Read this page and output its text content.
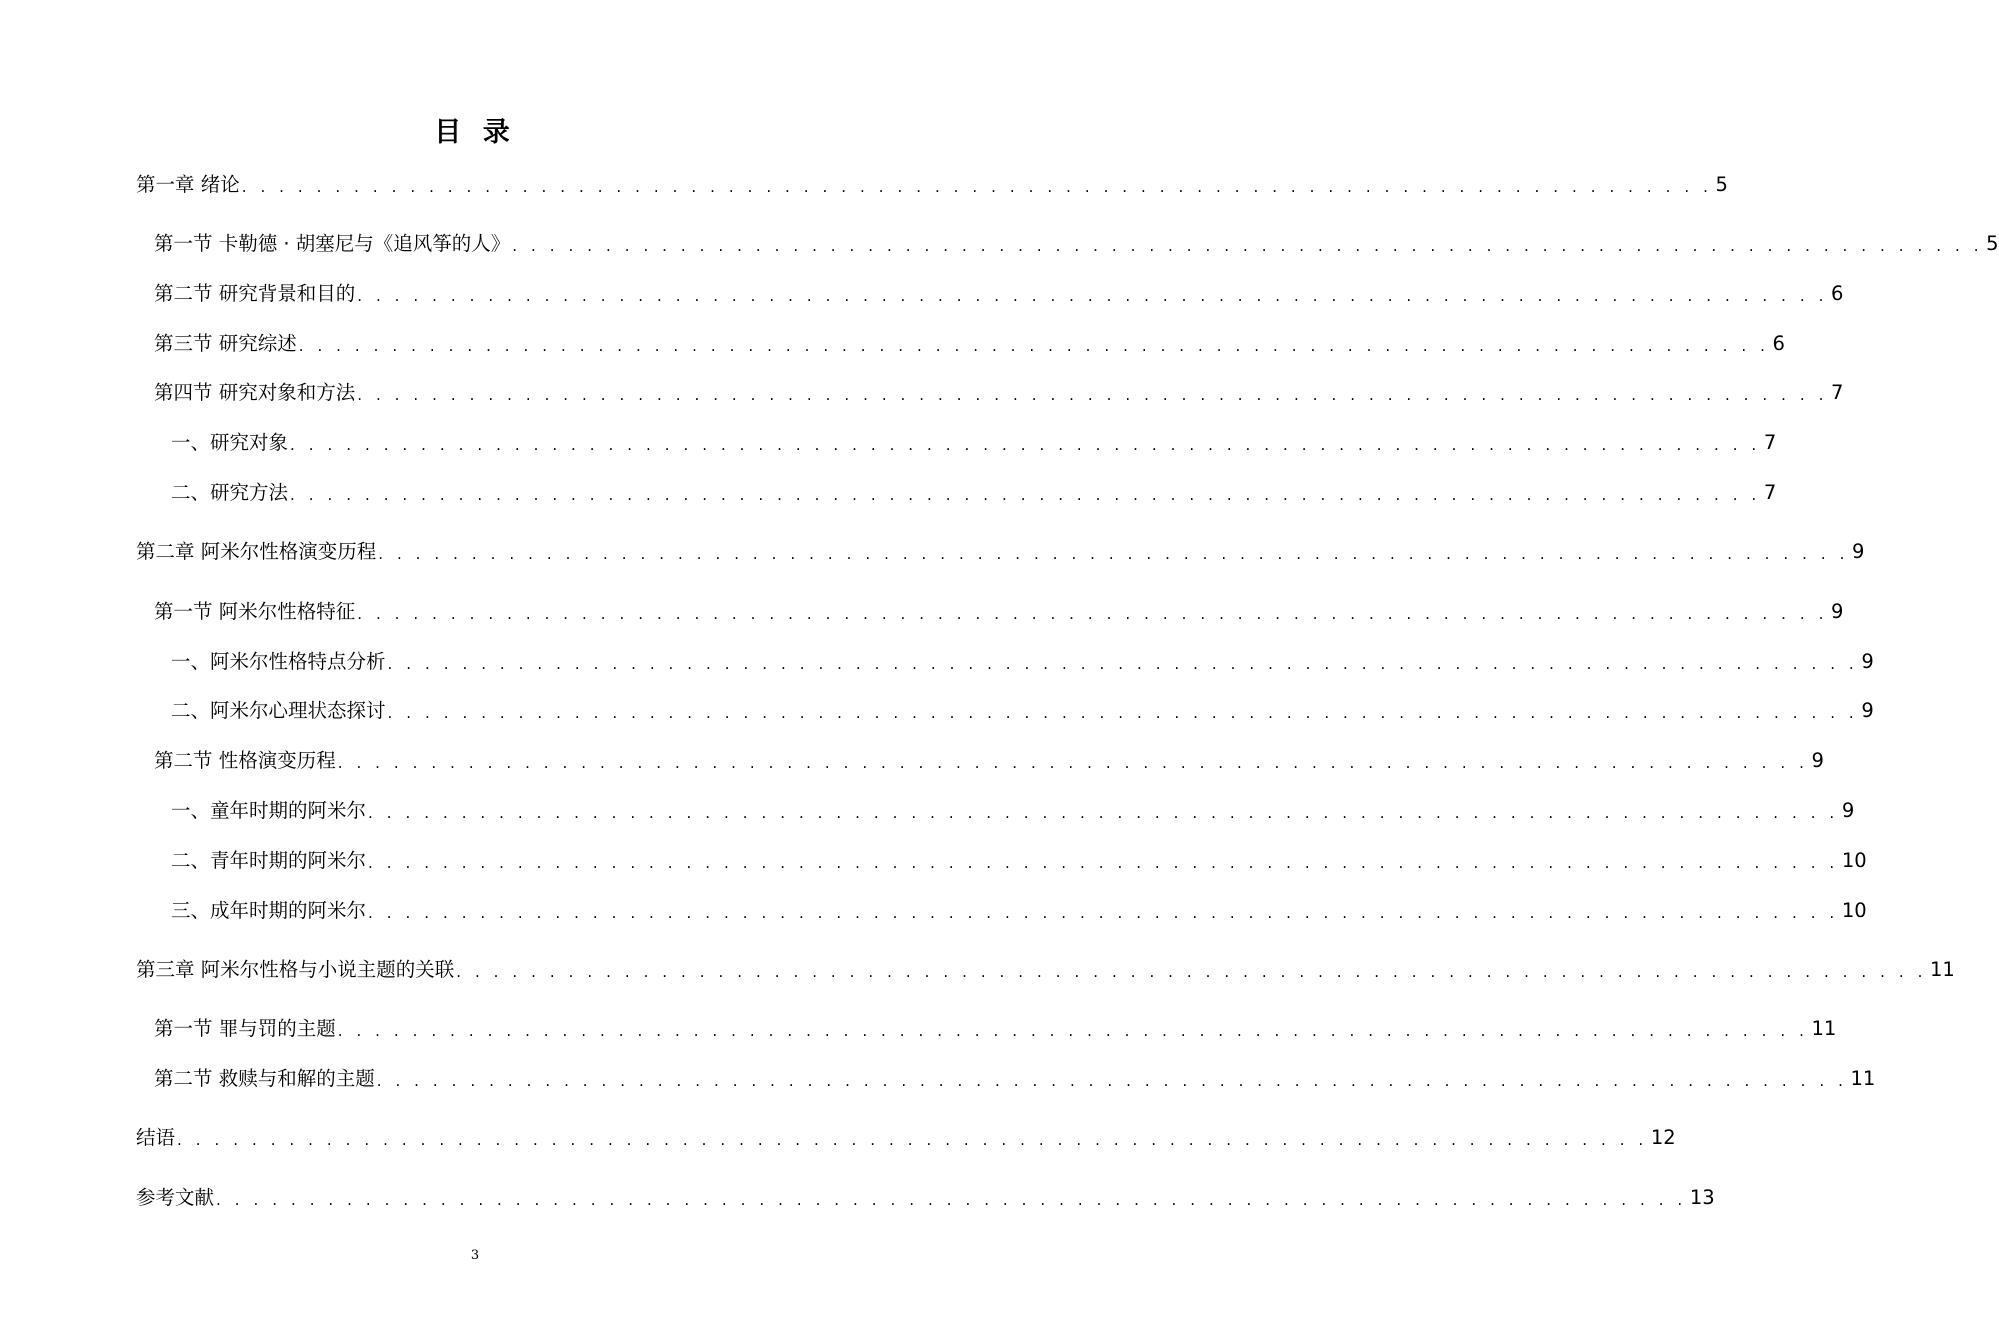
目 录
第一章 绪论 . . . . . . . . . . . . . . . . . . . . . . . . . . . . . . . . . . . . . . . . . . . . . . . . . . . . . . . . . . . . . . . . . . . . . . . . . . . . . . . 5
第一节 卡勒德 · 胡塞尼与《追风筝的人》 . . . . . . . . . . . . . . . . . . . . . . . . . . . . . . . . . . . . . . . . . . . . . . . . . . . . . . . . . . . . . . . . . . . . . . . . . . . . . . . 5
第二节 研究背景和目的 . . . . . . . . . . . . . . . . . . . . . . . . . . . . . . . . . . . . . . . . . . . . . . . . . . . . . . . . . . . . . . . . . . . . . . . . . . . . . . . 6
第三节 研究综述 . . . . . . . . . . . . . . . . . . . . . . . . . . . . . . . . . . . . . . . . . . . . . . . . . . . . . . . . . . . . . . . . . . . . . . . . . . . . . . . 6
第四节 研究对象和方法 . . . . . . . . . . . . . . . . . . . . . . . . . . . . . . . . . . . . . . . . . . . . . . . . . . . . . . . . . . . . . . . . . . . . . . . . . . . . . . . 7
一、研究对象 . . . . . . . . . . . . . . . . . . . . . . . . . . . . . . . . . . . . . . . . . . . . . . . . . . . . . . . . . . . . . . . . . . . . . . . . . . . . . . . 7
二、研究方法 . . . . . . . . . . . . . . . . . . . . . . . . . . . . . . . . . . . . . . . . . . . . . . . . . . . . . . . . . . . . . . . . . . . . . . . . . . . . . . . 7
第二章 阿米尔性格演变历程 . . . . . . . . . . . . . . . . . . . . . . . . . . . . . . . . . . . . . . . . . . . . . . . . . . . . . . . . . . . . . . . . . . . . . . . . . . . . . . . 9
第一节 阿米尔性格特征 . . . . . . . . . . . . . . . . . . . . . . . . . . . . . . . . . . . . . . . . . . . . . . . . . . . . . . . . . . . . . . . . . . . . . . . . . . . . . . . 9
一、阿米尔性格特点分析 . . . . . . . . . . . . . . . . . . . . . . . . . . . . . . . . . . . . . . . . . . . . . . . . . . . . . . . . . . . . . . . . . . . . . . . . . . . . . . . 9
二、阿米尔心理状态探讨 . . . . . . . . . . . . . . . . . . . . . . . . . . . . . . . . . . . . . . . . . . . . . . . . . . . . . . . . . . . . . . . . . . . . . . . . . . . . . . . 9
第二节 性格演变历程 . . . . . . . . . . . . . . . . . . . . . . . . . . . . . . . . . . . . . . . . . . . . . . . . . . . . . . . . . . . . . . . . . . . . . . . . . . . . . . . 9
一、童年时期的阿米尔 . . . . . . . . . . . . . . . . . . . . . . . . . . . . . . . . . . . . . . . . . . . . . . . . . . . . . . . . . . . . . . . . . . . . . . . . . . . . . . . 9
二、青年时期的阿米尔 . . . . . . . . . . . . . . . . . . . . . . . . . . . . . . . . . . . . . . . . . . . . . . . . . . . . . . . . . . . . . . . . . . . . . . . . . . . . . . . 10
三、成年时期的阿米尔 . . . . . . . . . . . . . . . . . . . . . . . . . . . . . . . . . . . . . . . . . . . . . . . . . . . . . . . . . . . . . . . . . . . . . . . . . . . . . . . 10
第三章 阿米尔性格与小说主题的关联 . . . . . . . . . . . . . . . . . . . . . . . . . . . . . . . . . . . . . . . . . . . . . . . . . . . . . . . . . . . . . . . . . . . . . . . . . . . . . . . 11
第一节 罪与罚的主题 . . . . . . . . . . . . . . . . . . . . . . . . . . . . . . . . . . . . . . . . . . . . . . . . . . . . . . . . . . . . . . . . . . . . . . . . . . . . . . . 11
第二节 救赎与和解的主题 . . . . . . . . . . . . . . . . . . . . . . . . . . . . . . . . . . . . . . . . . . . . . . . . . . . . . . . . . . . . . . . . . . . . . . . . . . . . . . . 11
结语 . . . . . . . . . . . . . . . . . . . . . . . . . . . . . . . . . . . . . . . . . . . . . . . . . . . . . . . . . . . . . . . . . . . . . . . . . . . . . . . 12
参考文献 . . . . . . . . . . . . . . . . . . . . . . . . . . . . . . . . . . . . . . . . . . . . . . . . . . . . . . . . . . . . . . . . . . . . . . . . . . . . . . . 13
3
